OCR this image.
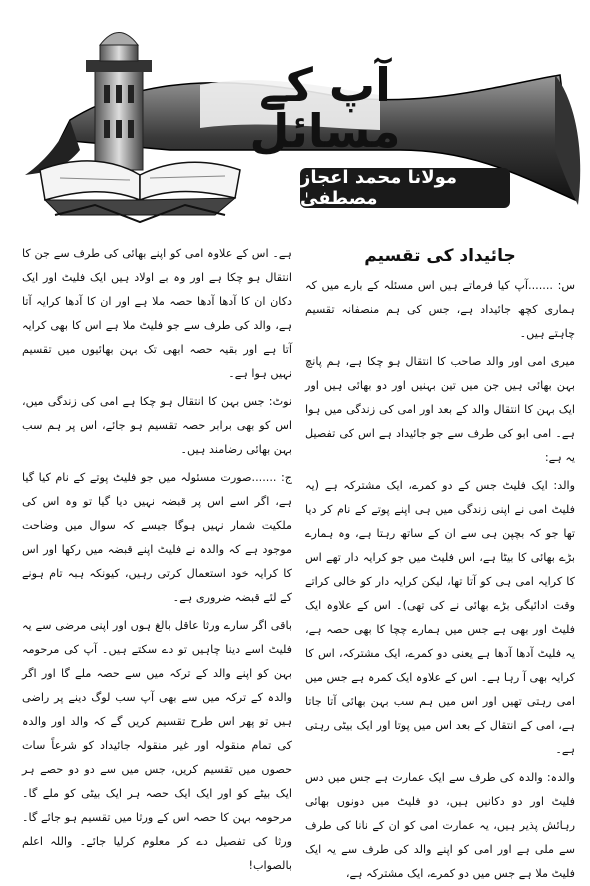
آپ کے مسائل
مولانا محمد اعجاز مصطفیٰ
جائیداد کی تقسیم

س: .......آپ کیا فرماتے ہیں اس مسئلہ کے بارے میں کہ ہماری کچھ جائیداد ہے، جس کی ہم منصفانہ تقسیم چاہتے ہیں۔

میری امی اور والد صاحب کا انتقال ہو چکا ہے، ہم پانچ بہن بھائی ہیں جن میں تین بہنیں اور دو بھائی ہیں اور ایک بہن کا انتقال والد کے بعد اور امی کی زندگی میں ہوا ہے۔ امی ابو کی طرف سے جو جائیداد ہے اس کی تفصیل یہ ہے:

والد: ایک فلیٹ جس کے دو کمرے، ایک مشترکہ ہے (یہ فلیٹ امی نے اپنی زندگی میں ہی اپنے پوتے کے نام کر دیا تھا جو کہ بچپن ہی سے ان کے ساتھ رہتا ہے، وہ ہمارے بڑے بھائی کا بیٹا ہے، اس فلیٹ میں جو کرایہ دار تھے اس کا کرایہ امی ہی کو آتا تھا، لیکن کرایہ دار کو خالی کراتے وقت ادائیگی بڑے بھائی نے کی تھی)۔ اس کے علاوہ ایک فلیٹ اور بھی ہے جس میں ہمارے چچا کا بھی حصہ ہے، یہ فلیٹ آدھا آدھا ہے یعنی دو کمرے، ایک مشترکہ، اس کا کرایہ بھی آ رہا ہے۔ اس کے علاوہ ایک کمرہ ہے جس میں امی رہتی تھیں اور اس میں ہم سب بہن بھائی آتا جاتا ہے، امی کے انتقال کے بعد اس میں پوتا اور ایک بیٹی رہتی ہے۔

والدہ: والدہ کی طرف سے ایک عمارت ہے جس میں دس فلیٹ اور دو دکانیں ہیں، دو فلیٹ میں دونوں بھائی رہائش پذیر ہیں، یہ عمارت امی کو ان کے نانا کی طرف سے ملی ہے اور امی کو اپنے والد کی طرف سے یہ ایک فلیٹ ملا ہے جس میں دو کمرے، ایک مشترکہ ہے،

ہے۔ اس کے علاوہ امی کو اپنے بھائی کی طرف سے جن کا انتقال ہو چکا ہے اور وہ بے اولاد ہیں ایک فلیٹ اور ایک دکان ان کا آدھا آدھا حصہ ملا ہے اور ان کا آدھا کرایہ آتا ہے، والد کی طرف سے جو فلیٹ ملا ہے اس کا بھی کرایہ آتا ہے اور بقیہ حصہ ابھی تک بہن بھائیوں میں تقسیم نہیں ہوا ہے۔

نوٹ: جس بہن کا انتقال ہو چکا ہے امی کی زندگی میں، اس کو بھی برابر حصہ تقسیم ہو جائے، اس پر ہم سب بہن بھائی رضامند ہیں۔

ج: .......صورت مسئولہ میں جو فلیٹ پوتے کے نام کیا گیا ہے، اگر اسے اس پر قبضہ نہیں دیا گیا تو وہ اس کی ملکیت شمار نہیں ہوگا جیسے کہ سوال میں وضاحت موجود ہے کہ والدہ نے فلیٹ اپنے قبضہ میں رکھا اور اس کا کرایہ خود استعمال کرتی رہیں، کیونکہ ہبہ تام ہونے کے لئے قبضہ ضروری ہے۔

باقی اگر سارے ورثا عاقل بالغ ہوں اور اپنی مرضی سے یہ فلیٹ اسے دینا چاہیں تو دے سکتے ہیں۔ آپ کی مرحومہ بہن کو اپنے والد کے ترکہ میں سے حصہ ملے گا اور اگر والدہ کے ترکہ میں سے بھی آپ سب لوگ دینے پر راضی ہیں تو پھر اس طرح تقسیم کریں گے کہ والد اور والدہ کی تمام منقولہ اور غیر منقولہ جائیداد کو شرعاً سات حصوں میں تقسیم کریں، جس میں سے دو دو حصے ہر ایک بیٹے کو اور ایک ایک حصہ ہر ایک بیٹی کو ملے گا۔ مرحومہ بہن کا حصہ اس کے ورثا میں تقسیم ہو جائے گا۔ ورثا کی تفصیل دے کر معلوم کرلیا جائے۔ واللہ اعلم بالصواب!
